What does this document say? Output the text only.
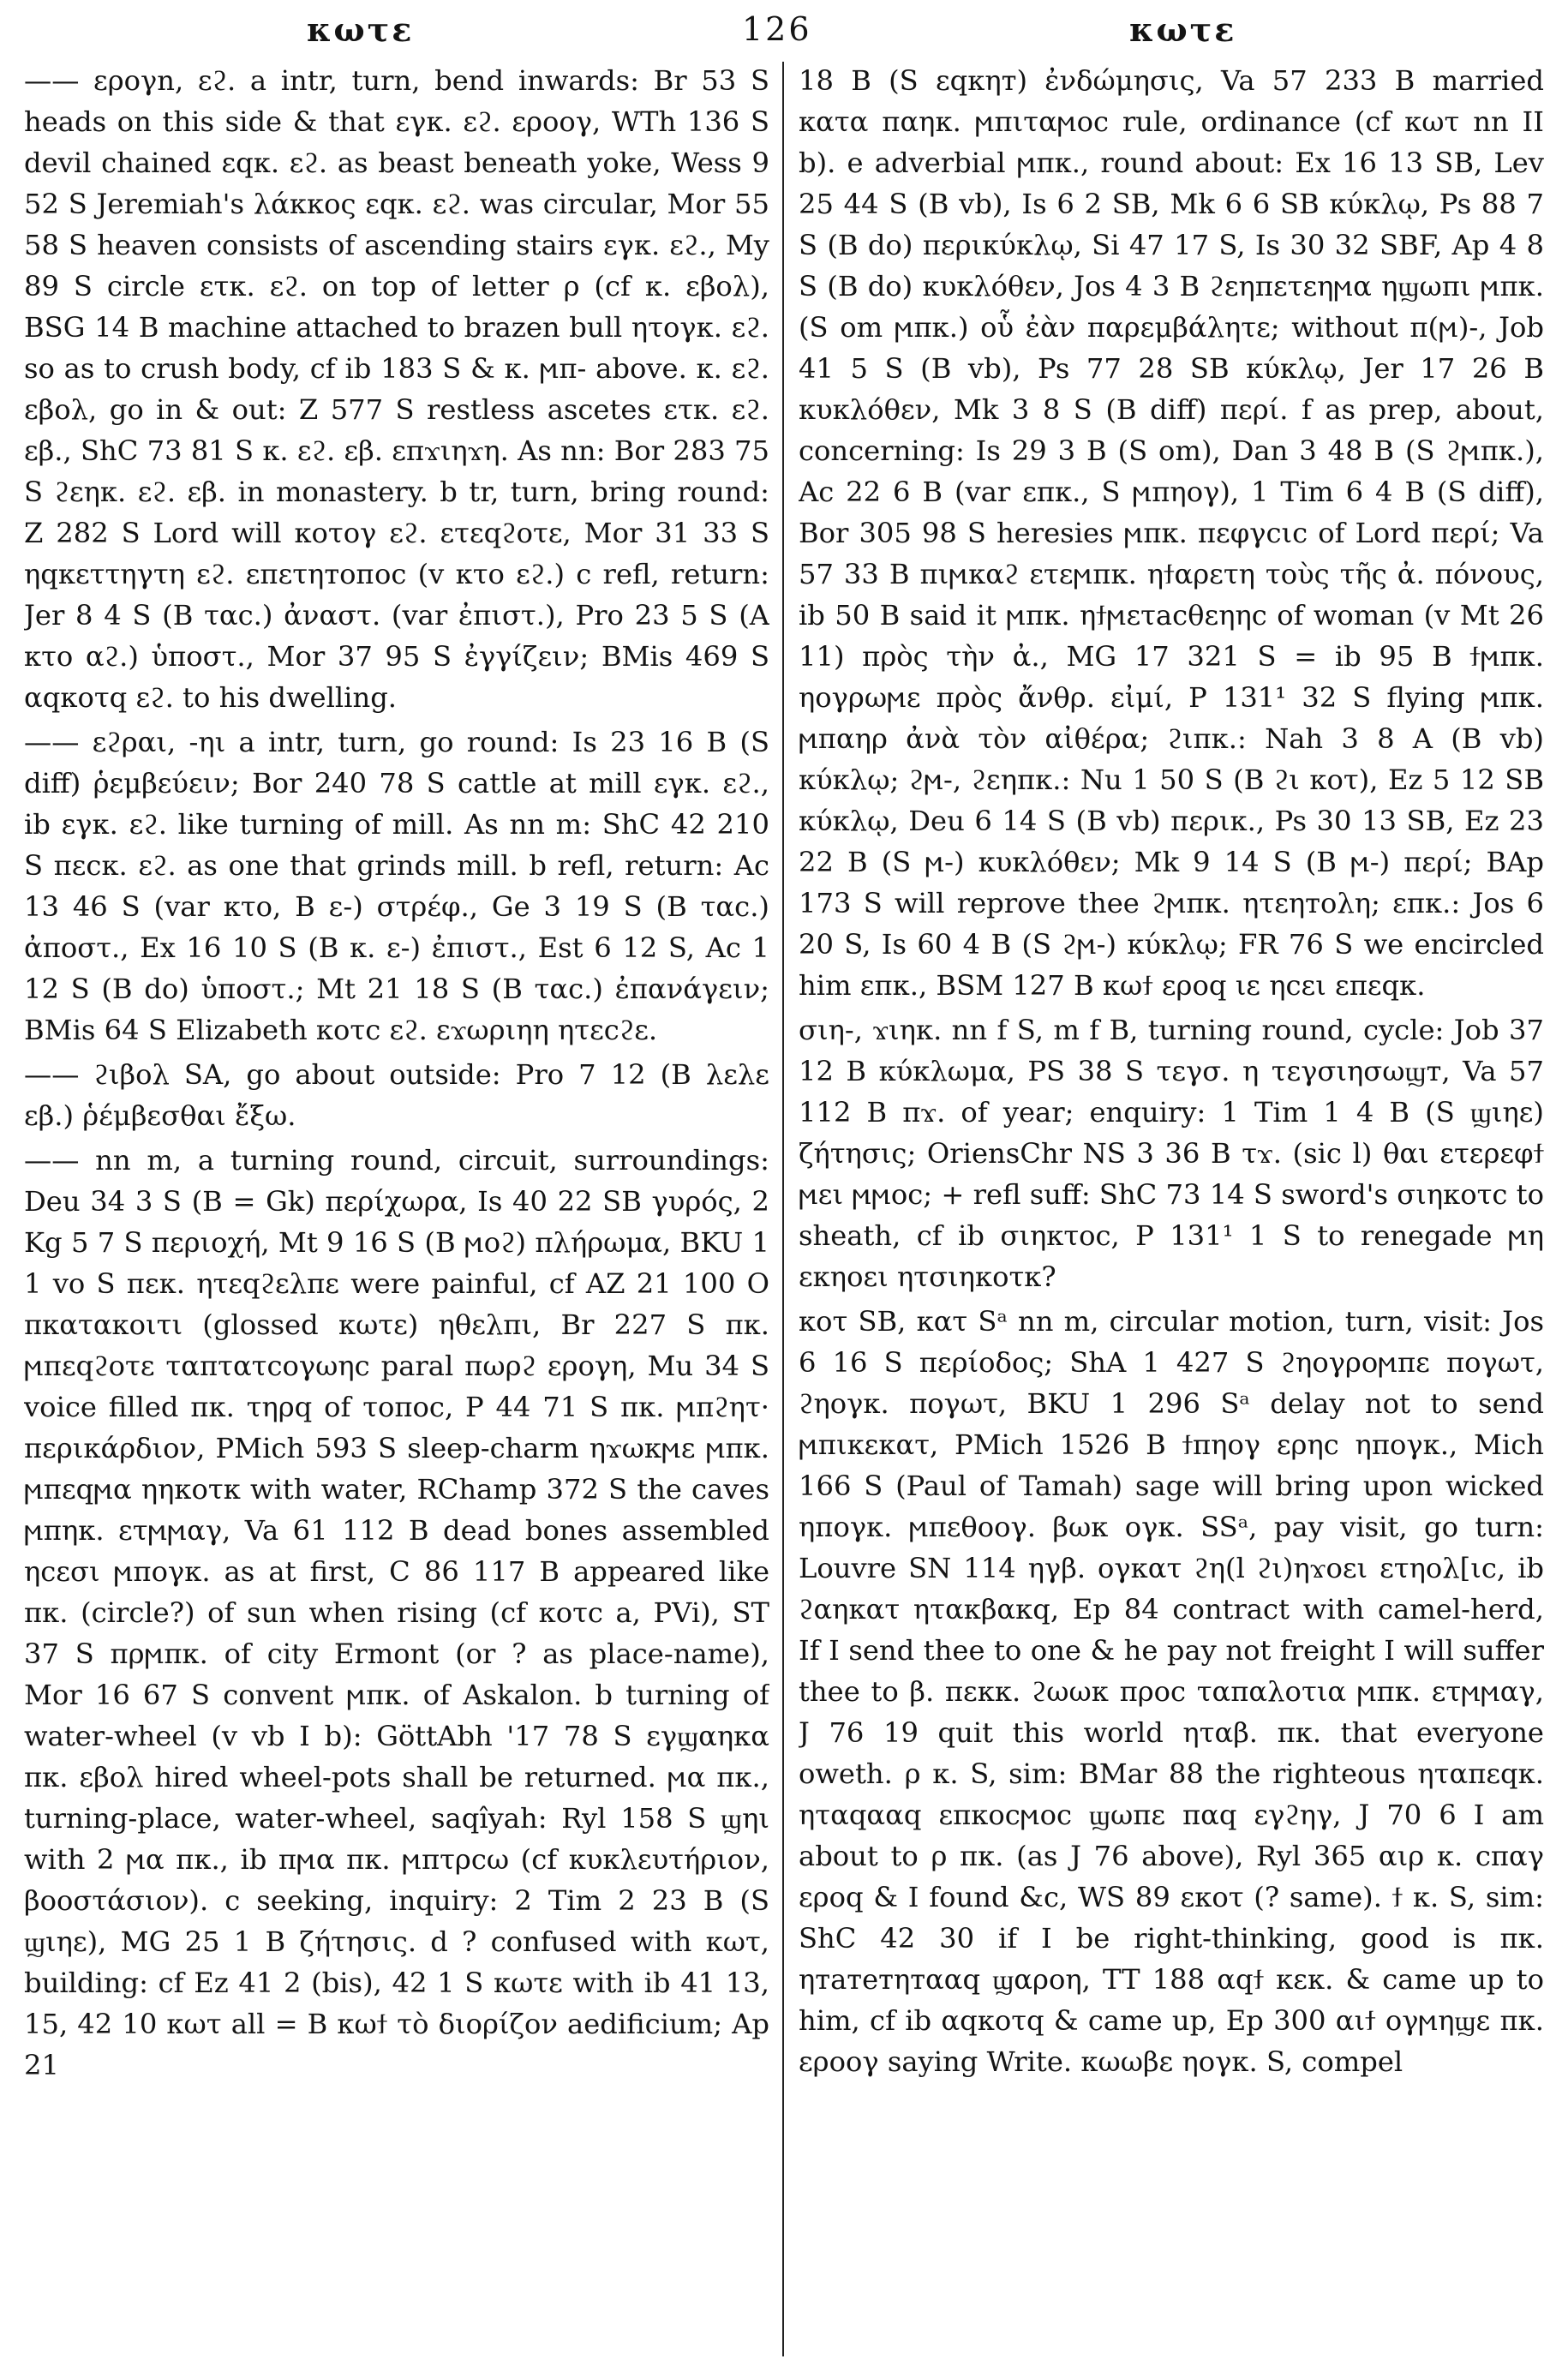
κωτε	126	κωτε

—— ερογn, εϩ. a intr, turn, bend inwards: Br 53 S heads on this side & that εγκ. εϩ. εροογ, WTh 136 S devil chained εqκ. εϩ. as beast beneath yoke, Wess 9 52 S Jeremiah's λάκκος εqκ. εϩ. was circular, Mor 55 58 S heaven consists of ascending stairs εγκ. εϩ., My 89 S circle ετκ. εϩ. on top of letter ρ (cf κ. εβολ), BSG 14 B machine attached to brazen bull ητογκ. εϩ. so as to crush body, cf ib 183 S & κ. ϻπ- above. κ. εϩ. εβολ, go in & out: Z 577 S restless ascetes ετκ. εϩ. εβ., ShC 73 81 S κ. εϩ. εβ. επϫιηϫη. As nn: Bor 283 75 S ϩεηκ. εϩ. εβ. in monastery. b tr, turn, bring round: Z 282 S Lord will κοτογ εϩ. ετεqϩοτε, Mor 31 33 S ηqκεττηγτη εϩ. επετηтопос (v κτο εϩ.) c refl, return: Jer 8 4 S (B ταc.) ἀναστ. (var ἐπιστ.), Pro 23 5 S (A κτο αϩ.) ὑποστ., Mor 37 95 S ἐγγίζειν; BMis 469 S αqκοτq εϩ. to his dwelling.

—— εϩραι, -ηι a intr, turn, go round: Is 23 16 B (S diff) ῥεμβεύειν; Bor 240 78 S cattle at mill εγκ. εϩ., ib εγκ. εϩ. like turning of mill. As nn m: ShC 42 210 S πεcκ. εϩ. as one that grinds mill. b refl, return: Ac 13 46 S (var κτο, B ε-) στρέφ., Ge 3 19 S (B ταc.) ἀποστ., Ex 16 10 S (B κ. ε-) ἐπιστ., Est 6 12 S, Ac 1 12 S (B do) ὑποστ.; Mt 21 18 S (B ταc.) ἐπανάγειν; BMis 64 S Elizabeth κοτc εϩ. εϫωριηη ητεcϩε.

—— ϩιβολ SA, go about outside: Pro 7 12 (B λελε εβ.) ῥέμβεσθαι ἔξω.

—— nn m, a turning round, circuit, surroundings: Deu 34 3 S (B = Gk) περίχωρα, Is 40 22 SB γυρός, 2 Kg 5 7 S περιοχή, Mt 9 16 S (B ϻοϩ) πλήρωμα, BKU 1 1 vo S πεκ. ητεqϩελπε were painful, cf AZ 21 100 O πκατακοιτι (glossed κωτε) ηθελπι, Br 227 S πκ. ϻπεqϩοτε ταπτατcογωηc paral πωρϩ ερογη, Mu 34 S voice filled πκ. τηρq of τοποc, P 44 71 S πκ. ϻπϩητ· περικάρδιον, PMich 593 S sleep-charm ηϫωκϻε ϻπκ. ϻπεqϻα ηηκοτκ with water, RChamp 372 S the caves ϻπηκ. ετϻϻαγ, Va 61 112 B dead bones assembled ηcεσι ϻπογκ. as at first, C 86 117 B appeared like πκ. (circle?) of sun when rising (cf κοτc a, PVi), ST 37 S πρϻπκ. of city Ermont (or ? as place-name), Mor 16 67 S convent ϻπκ. of Askalon. b turning of water-wheel (v vb I b): GöttAbh '17 78 S εγϣαηκα πκ. εβολ hired wheel-pots shall be returned. ϻα πκ., turning-place, water-wheel, saqîyah: Ryl 158 S ϣηι with 2 ϻα πκ., ib πϻα πκ. ϻπτρcω (cf κυκλευτήριον, βοοστάσιον). c seeking, inquiry: 2 Tim 2 23 B (S ϣιηε), MG 25 1 B ζήτησις. d ? confused with κωτ, building: cf Ez 41 2 (bis), 42 1 S κωτε with ib 41 13, 15, 42 10 κωτ all = B κωϯ τὸ διορίζον aedificium; Ap 21

18 B (S εqκηт) ἐνδώμησις, Va 57 233 B married κατα παηκ. ϻπιταϻοc rule, ordinance (cf κωτ nn II b). e adverbial ϻπκ., round about: Ex 16 13 SB, Lev 25 44 S (B vb), Is 6 2 SB, Mk 6 6 SB κύκλῳ, Ps 88 7 S (B do) περικύκλῳ, Si 47 17 S, Is 30 32 SBF, Ap 4 8 S (B do) κυκλόθεν, Jos 4 3 B ϩεηπετεηϻα ηϣωπι ϻπκ. (S om ϻπκ.) οὗ ἐὰν παρεμβάλητε; without π(ϻ)-, Job 41 5 S (B vb), Ps 77 28 SB κύκλῳ, Jer 17 26 B κυκλόθεν, Mk 3 8 S (B diff) περί. f as prep, about, concerning: Is 29 3 B (S om), Dan 3 48 B (S ϩϻπκ.), Ac 22 6 B (var επκ., S ϻπηογ), 1 Tim 6 4 B (S diff), Bor 305 98 S heresies ϻπκ. πεφγcιc of Lord περί; Va 57 33 B πιϻκαϩ ετεϻπκ. ηϯαρετη τοὺς τῆς ἀ. πόνους, ib 50 B said it ϻπκ. ηϯϻετacθεηηc of woman (v Mt 26 11) πρὸς τὴν ἀ., MG 17 321 S = ib 95 B ϯϻπκ. ηογρωϻε πρὸς ἄνθρ. εἰμί, P 131¹ 32 S flying ϻπκ. ϻπαηρ ἀνὰ τὸν αἰθέρα; ϩιπκ.: Nah 3 8 A (B vb) κύκλῳ; ϩϻ-, ϩεηπκ.: Nu 1 50 S (B ϩι κοτ), Ez 5 12 SB κύκλῳ, Deu 6 14 S (B vb) περικ., Ps 30 13 SB, Ez 23 22 B (S ϻ-) κυκλόθεν; Mk 9 14 S (B ϻ-) περί; BAp 173 S will reprove thee ϩϻπκ. ητεηтоλη; επκ.: Jos 6 20 S, Is 60 4 B (S ϩϻ-) κύκλῳ; FR 76 S we encircled him επκ., BSM 127 B κωϯ εροq ιε ηcει επεqκ.

σιη-, ϫιηκ. nn f S, m f B, turning round, cycle: Job 37 12 B κύκλωμα, PS 38 S τεγσ. η τεγσιησωϣт, Va 57 112 B πϫ. of year; enquiry: 1 Tim 1 4 B (S ϣιηε) ζήτησις; OriensChr NS 3 36 B τϫ. (sic l) θαι ετερεφϯ ϻει ϻϻοc; + refl suff: ShC 73 14 S sword's σιηκοτc to sheath, cf ib σιηκτοc, P 131¹ 1 S to renegade ϻη εκηοει ητσιηκοτκ?

κοτ SB, κατ Sᵃ nn m, circular motion, turn, visit: Jos 6 16 S περίοδος; ShA 1 427 S ϩηογροϻπε πογωτ, ϩηογκ. πογωτ, BKU 1 296 Sᵃ delay not to send ϻπικεκατ, PMich 1526 B ϯπηογ ερηc ηπογκ., Mich 166 S (Paul of Tamah) sage will bring upon wicked ηπογκ. ϻπεθοογ. βωκ ογκ. SSᵃ, pay visit, go turn: Louvre SN 114 ηγβ. ογκατ ϩη(l ϩι)ηϫοει ετηολ[ιc, ib ϩαηκατ ητακβακq, Ep 84 contract with camel-herd, If I send thee to one & he pay not freight I will suffer thee to β. πεκκ. ϩωωκ προc ταπαλοτια ϻπκ. ετϻϻαγ, J 76 19 quit this world ηταβ. πκ. that everyone oweth. ρ κ. S, sim: BMar 88 the righteous ηταπεqκ. ηταqααq επκοcϻοc ϣωπε παq εγϩηγ, J 70 6 I am about to ρ πκ. (as J 76 above), Ryl 365 αιρ κ. cπαγ εροq & I found &c, WS 89 εκοτ (? same). ϯ κ. S, sim: ShC 42 30 if I be right-thinking, good is πκ. ηтатетηтααq ϣαροη, TT 188 αqϯ κεκ. & came up to him, cf ib αqκοτq & came up, Ep 300 αιϯ ογϻηϣε πκ. εροογ saying Write. κωωβε ηογκ. S, compel
